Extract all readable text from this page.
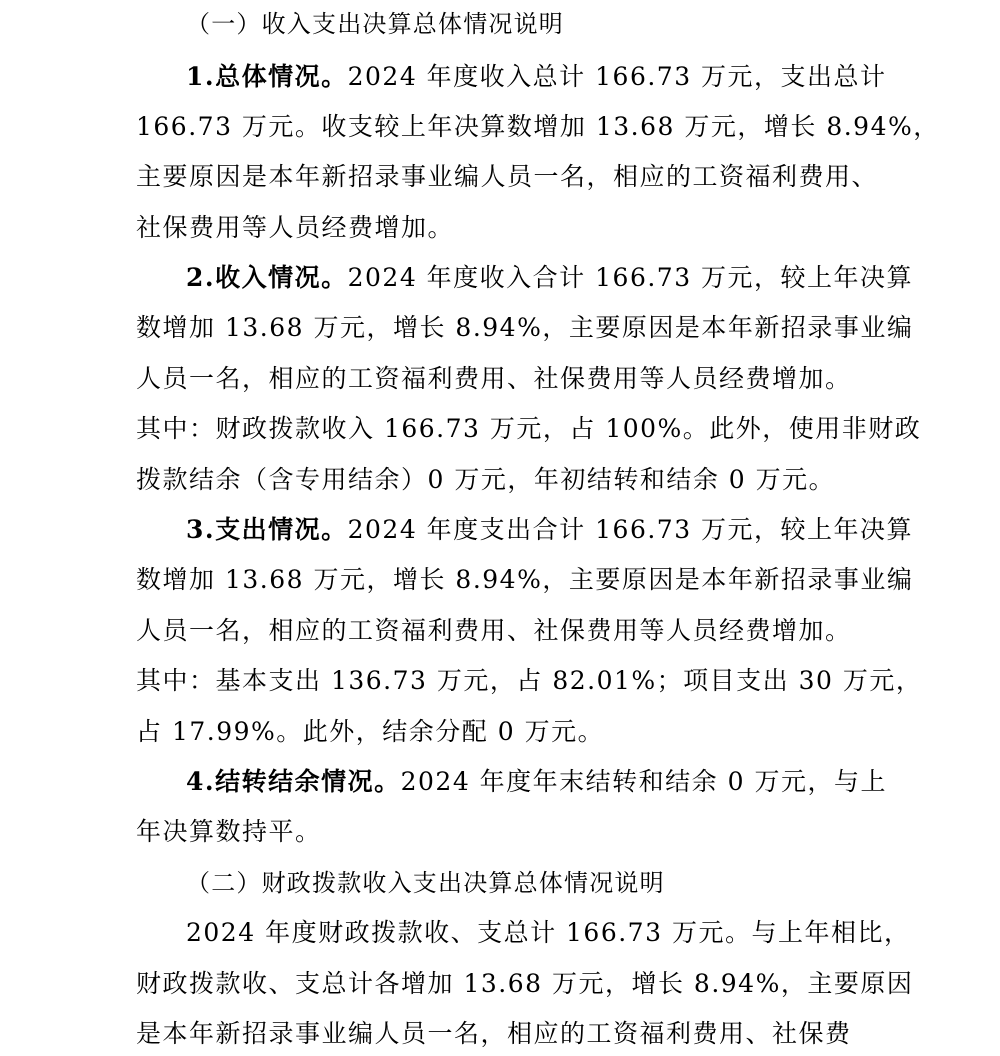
（一）收入支出决算总体情况说明
1.总体情况。2024 年度收入总计 166.73 万元，支出总计
166.73 万元。收支较上年决算数增加 13.68 万元，增长 8.94%，
主要原因是本年新招录事业编人员一名，相应的工资福利费用、
社保费用等人员经费增加。
2.收入情况。2024 年度收入合计 166.73 万元，较上年决算
数增加 13.68 万元，增长 8.94%，主要原因是本年新招录事业编
人员一名，相应的工资福利费用、社保费用等人员经费增加。
其中：财政拨款收入 166.73 万元，占 100%。此外，使用非财政
拨款结余（含专用结余）0 万元，年初结转和结余 0 万元。
3.支出情况。2024 年度支出合计 166.73 万元，较上年决算
数增加 13.68 万元，增长 8.94%，主要原因是本年新招录事业编
人员一名，相应的工资福利费用、社保费用等人员经费增加。
其中：基本支出 136.73 万元，占 82.01%；项目支出 30 万元，
占 17.99%。此外，结余分配 0 万元。
4.结转结余情况。2024 年度年末结转和结余 0 万元，与上
年决算数持平。
（二）财政拨款收入支出决算总体情况说明
2024 年度财政拨款收、支总计 166.73 万元。与上年相比，
财政拨款收、支总计各增加 13.68 万元，增长 8.94%，主要原因
是本年新招录事业编人员一名，相应的工资福利费用、社保费
